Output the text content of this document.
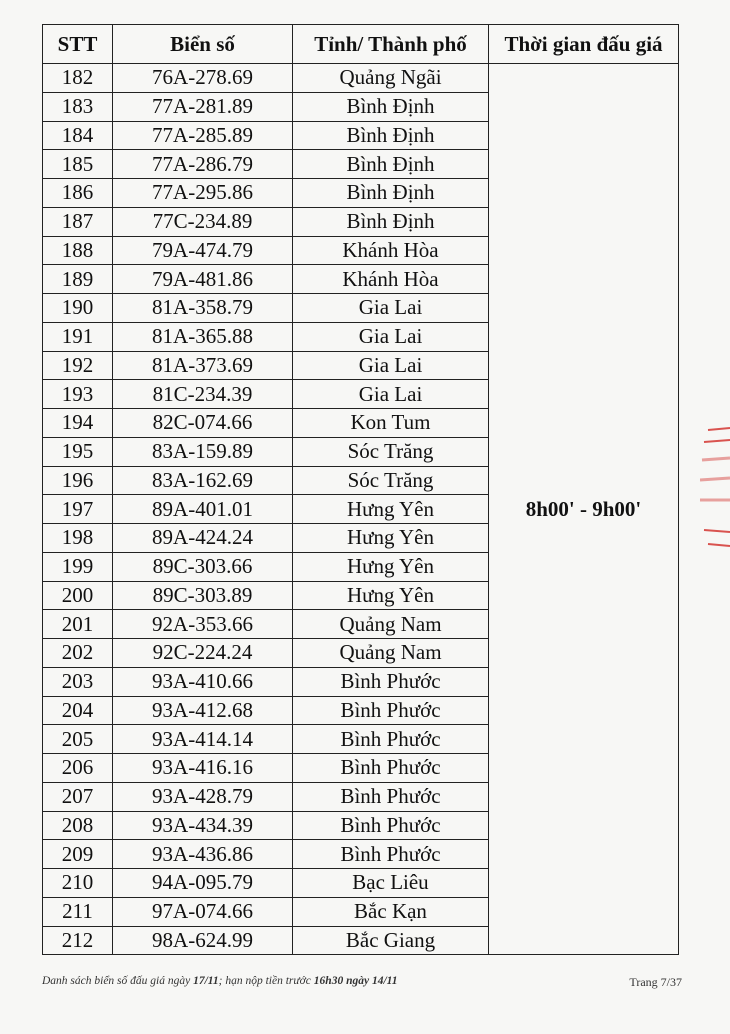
STT	Biển số	Tỉnh/ Thành phố	Thời gian đấu giá
182	76A-278.69	Quảng Ngãi	8h00' - 9h00'
183	77A-281.89	Bình Định	
184	77A-285.89	Bình Định	
185	77A-286.79	Bình Định	
186	77A-295.86	Bình Định	
187	77C-234.89	Bình Định	
188	79A-474.79	Khánh Hòa	
189	79A-481.86	Khánh Hòa	
190	81A-358.79	Gia Lai	
191	81A-365.88	Gia Lai	
192	81A-373.69	Gia Lai	
193	81C-234.39	Gia Lai	
194	82C-074.66	Kon Tum	
195	83A-159.89	Sóc Trăng	
196	83A-162.69	Sóc Trăng	
197	89A-401.01	Hưng Yên	
198	89A-424.24	Hưng Yên	
199	89C-303.66	Hưng Yên	
200	89C-303.89	Hưng Yên	
201	92A-353.66	Quảng Nam	
202	92C-224.24	Quảng Nam	
203	93A-410.66	Bình Phước	
204	93A-412.68	Bình Phước	
205	93A-414.14	Bình Phước	
206	93A-416.16	Bình Phước	
207	93A-428.79	Bình Phước	
208	93A-434.39	Bình Phước	
209	93A-436.86	Bình Phước	
210	94A-095.79	Bạc Liêu	
211	97A-074.66	Bắc Kạn	
212	98A-624.99	Bắc Giang	
Danh sách biển số đấu giá ngày 17/11; hạn nộp tiền trước 16h30 ngày 14/11	Trang 7/37
